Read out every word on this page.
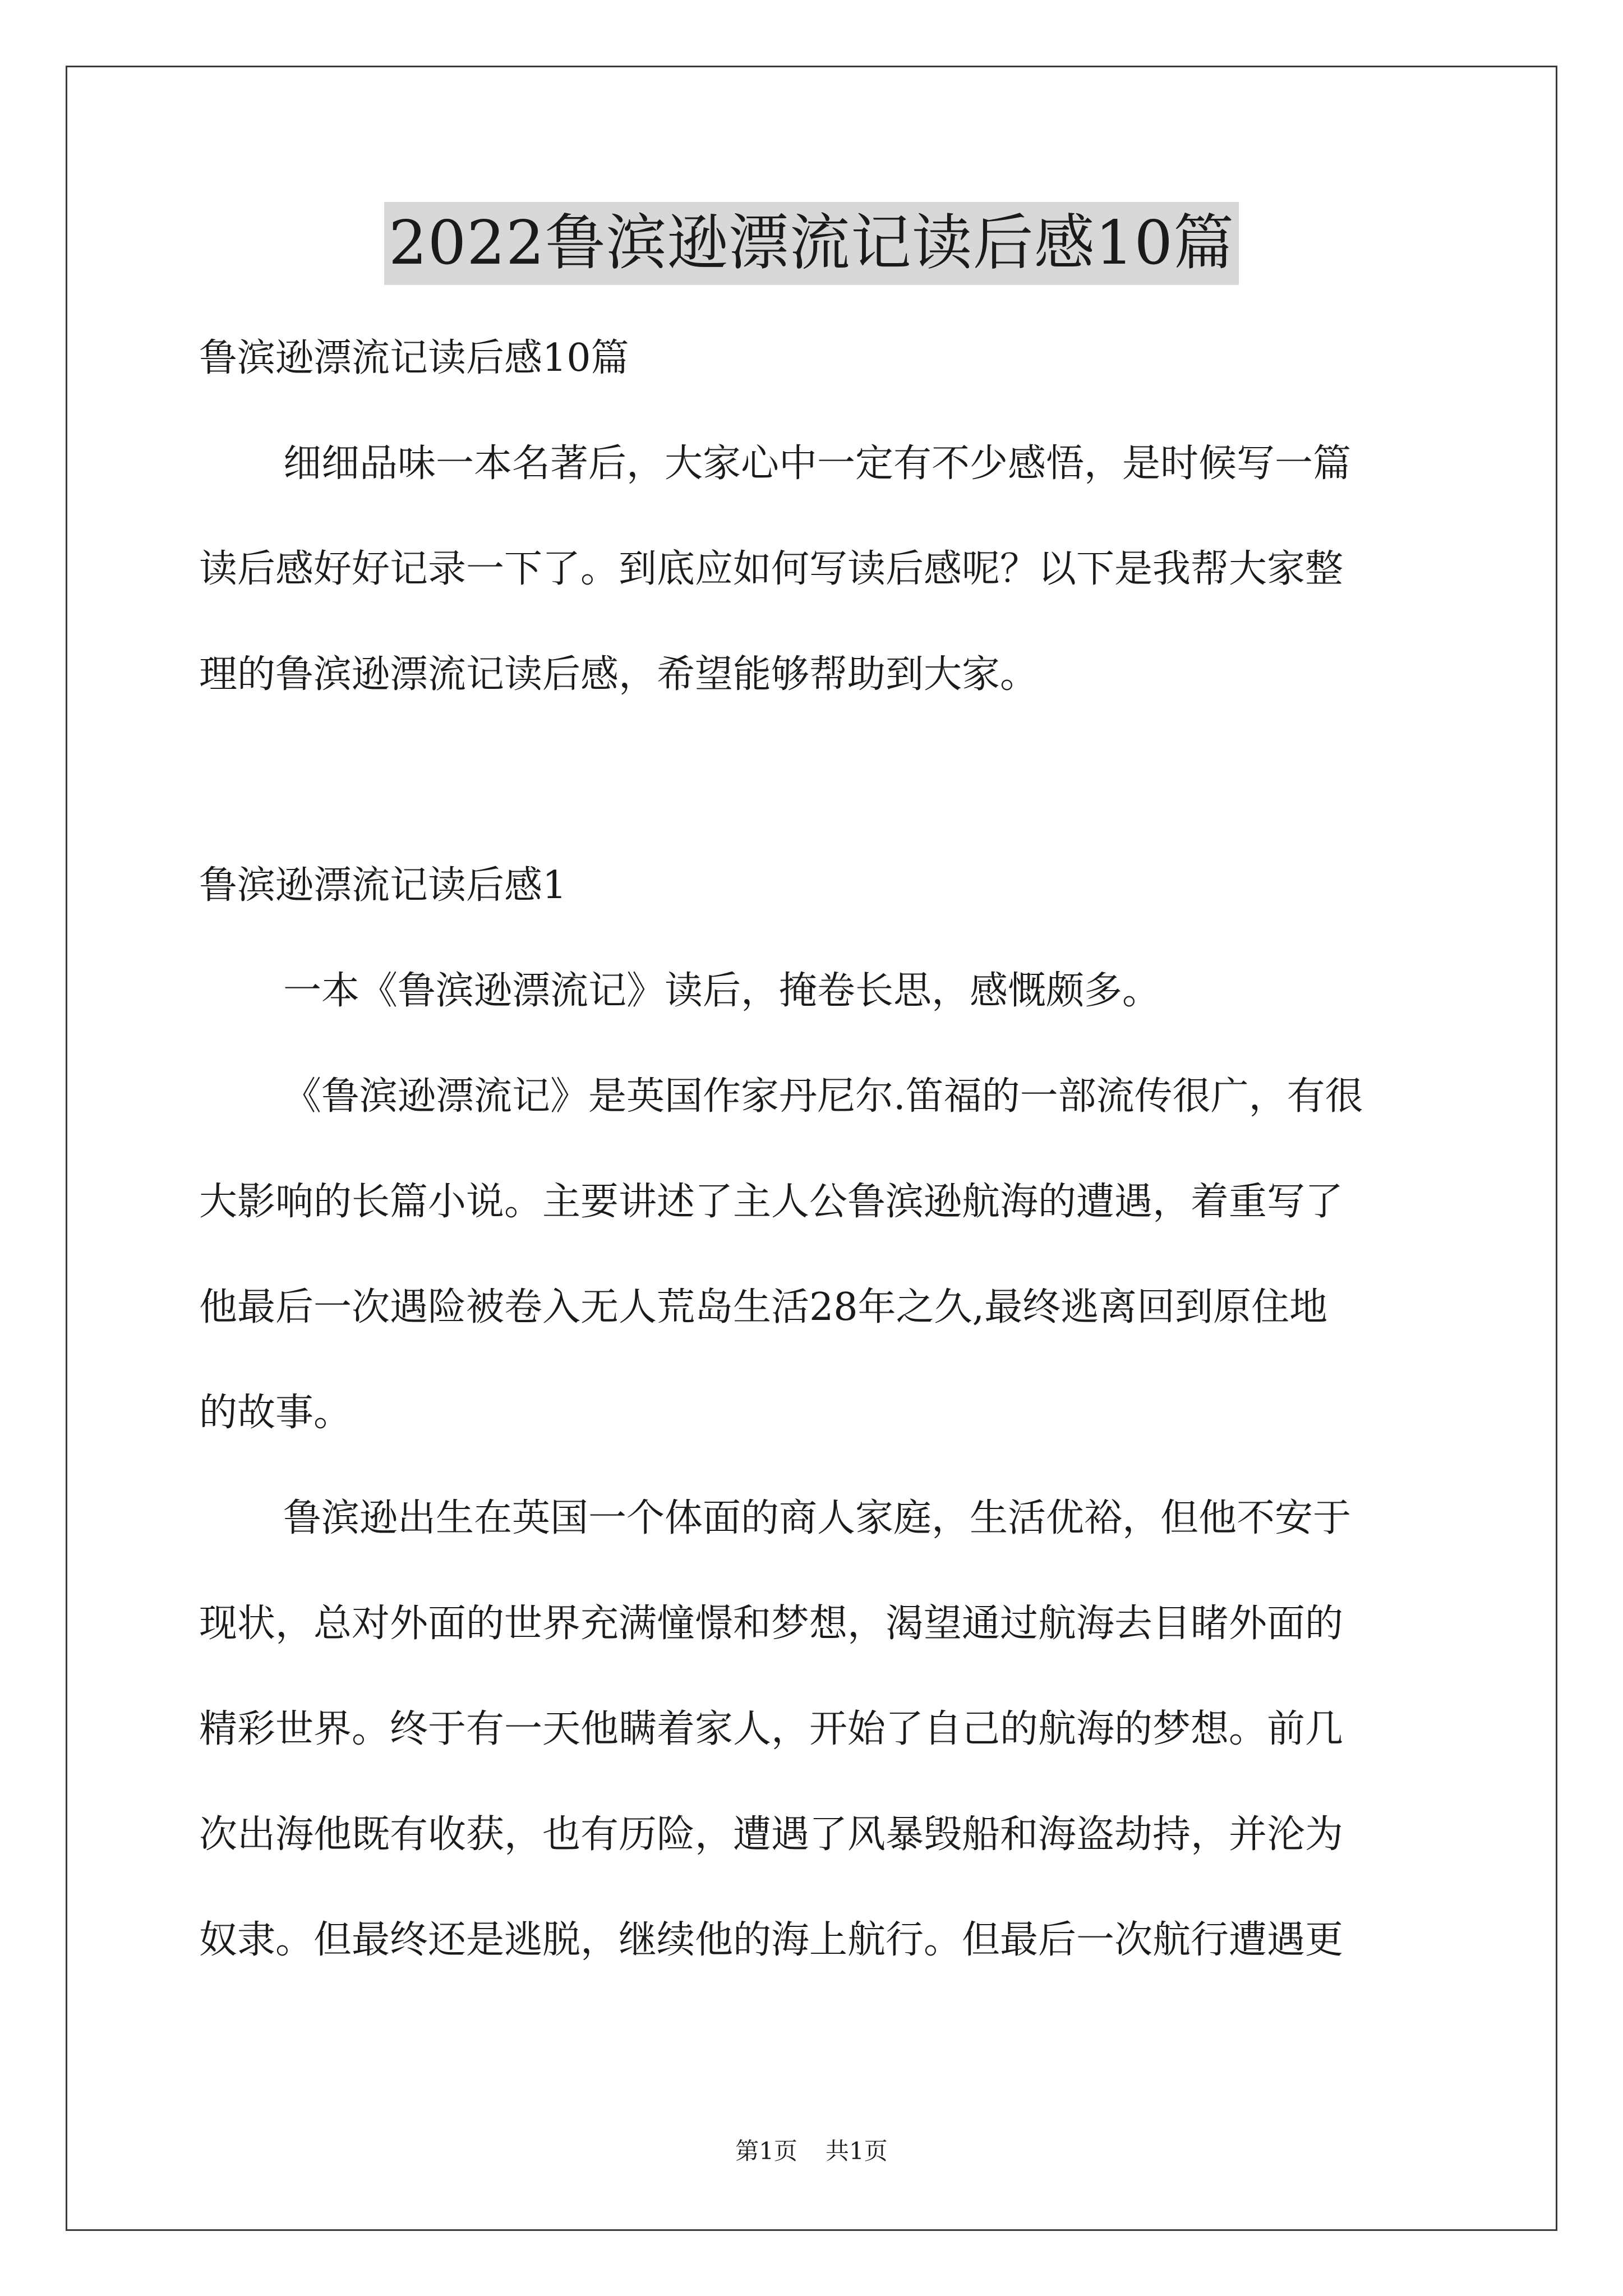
2022鲁滨逊漂流记读后感10篇
鲁滨逊漂流记读后感10篇
细细品味一本名著后，大家心中一定有不少感悟，是时候写一篇
读后感好好记录一下了。到底应如何写读后感呢？以下是我帮大家整
理的鲁滨逊漂流记读后感，希望能够帮助到大家。
鲁滨逊漂流记读后感1
一本《鲁滨逊漂流记》读后，掩卷长思，感慨颇多。
《鲁滨逊漂流记》是英国作家丹尼尔.笛福的一部流传很广，有很
大影响的长篇小说。主要讲述了主人公鲁滨逊航海的遭遇，着重写了
他最后一次遇险被卷入无人荒岛生活28年之久,最终逃离回到原住地
的故事。
鲁滨逊出生在英国一个体面的商人家庭，生活优裕，但他不安于
现状，总对外面的世界充满憧憬和梦想，渴望通过航海去目睹外面的
精彩世界。终于有一天他瞒着家人，开始了自己的航海的梦想。前几
次出海他既有收获，也有历险，遭遇了风暴毁船和海盗劫持，并沦为
奴隶。但最终还是逃脱，继续他的海上航行。但最后一次航行遭遇更
第1页 共1页
